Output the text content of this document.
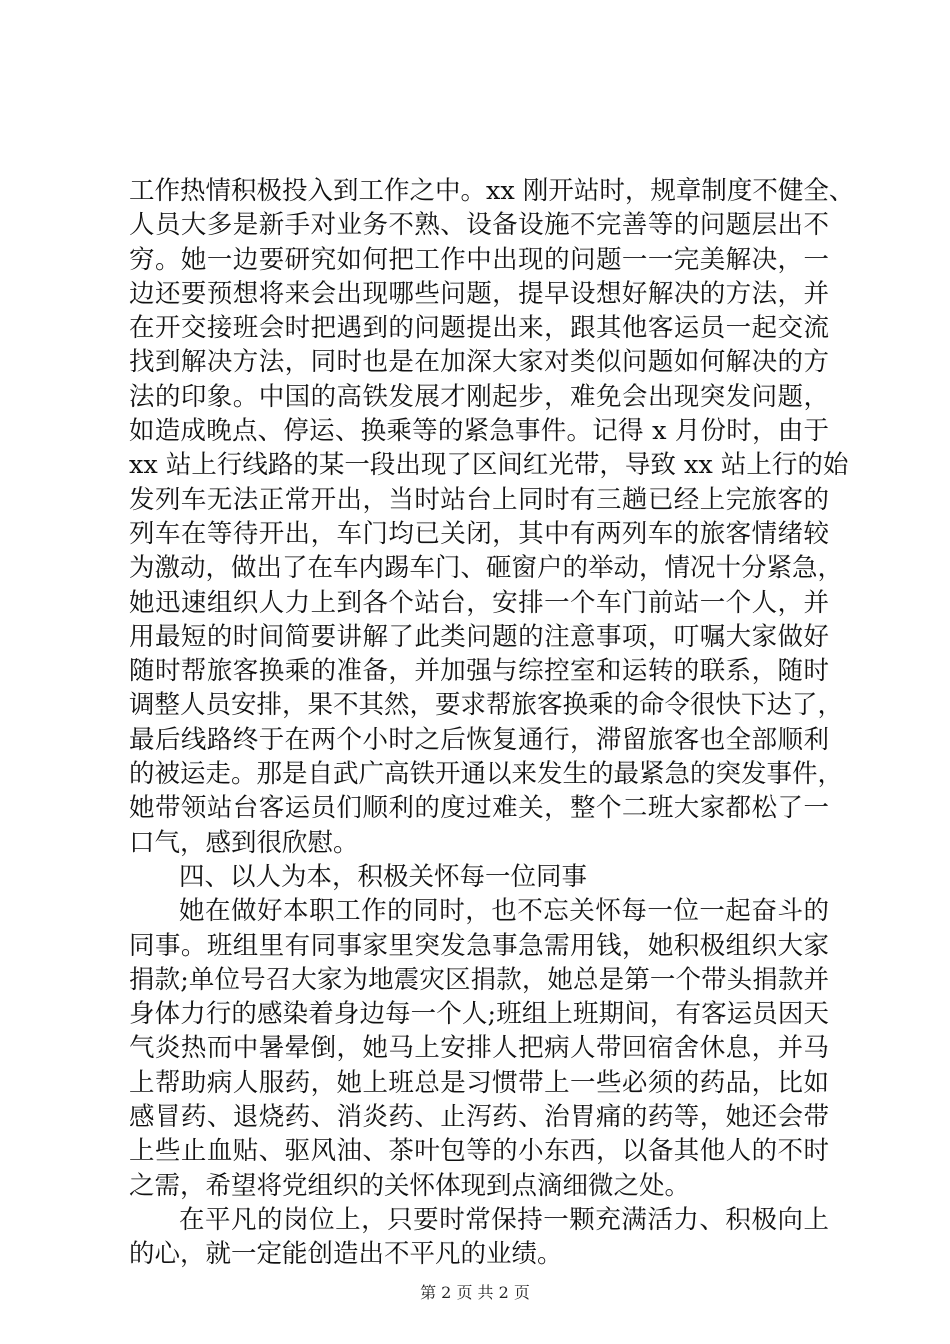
工作热情积极投入到工作之中。xx 刚开站时，规章制度不健全、
人员大多是新手对业务不熟、设备设施不完善等的问题层出不
穷。她一边要研究如何把工作中出现的问题一一完美解决，一
边还要预想将来会出现哪些问题，提早设想好解决的方法，并
在开交接班会时把遇到的问题提出来，跟其他客运员一起交流
找到解决方法，同时也是在加深大家对类似问题如何解决的方
法的印象。中国的高铁发展才刚起步，难免会出现突发问题，
如造成晚点、停运、换乘等的紧急事件。记得 x 月份时，由于
xx 站上行线路的某一段出现了区间红光带，导致 xx 站上行的始
发列车无法正常开出，当时站台上同时有三趟已经上完旅客的
列车在等待开出，车门均已关闭，其中有两列车的旅客情绪较
为激动，做出了在车内踢车门、砸窗户的举动，情况十分紧急，
她迅速组织人力上到各个站台，安排一个车门前站一个人，并
用最短的时间简要讲解了此类问题的注意事项，叮嘱大家做好
随时帮旅客换乘的准备，并加强与综控室和运转的联系，随时
调整人员安排，果不其然，要求帮旅客换乘的命令很快下达了，
最后线路终于在两个小时之后恢复通行，滞留旅客也全部顺利
的被运走。那是自武广高铁开通以来发生的最紧急的突发事件，
她带领站台客运员们顺利的度过难关，整个二班大家都松了一
口气，感到很欣慰。
四、以人为本，积极关怀每一位同事
她在做好本职工作的同时，也不忘关怀每一位一起奋斗的
同事。班组里有同事家里突发急事急需用钱，她积极组织大家
捐款;单位号召大家为地震灾区捐款，她总是第一个带头捐款并
身体力行的感染着身边每一个人;班组上班期间，有客运员因天
气炎热而中暑晕倒，她马上安排人把病人带回宿舍休息，并马
上帮助病人服药，她上班总是习惯带上一些必须的药品，比如
感冒药、退烧药、消炎药、止泻药、治胃痛的药等，她还会带
上些止血贴、驱风油、茶叶包等的小东西，以备其他人的不时
之需，希望将党组织的关怀体现到点滴细微之处。
在平凡的岗位上，只要时常保持一颗充满活力、积极向上
的心，就一定能创造出不平凡的业绩。
第 2 页 共 2 页
